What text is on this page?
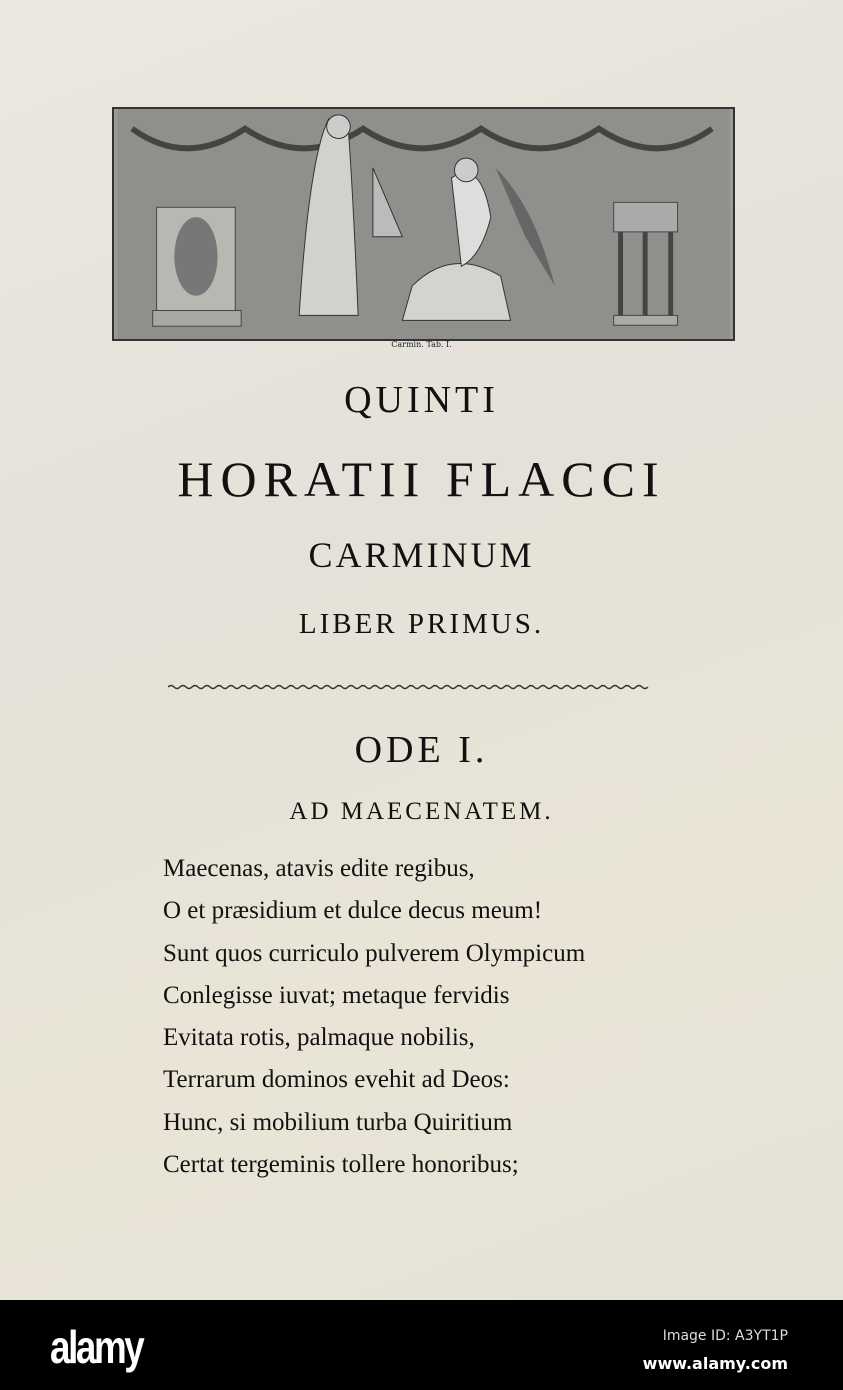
Carmin. Tab. I.
QUINTI
HORATII FLACCI
CARMINUM
LIBER PRIMUS.
ODE I.
AD MAECENATEM.
Maecenas, atavis edite regibus,
O et præsidium et dulce decus meum!
Sunt quos curriculo pulverem Olympicum
Conlegisse iuvat; metaque fervidis
Evitata rotis, palmaque nobilis,
Terrarum dominos evehit ad Deos:
Hunc, si mobilium turba Quiritium
Certat tergeminis tollere honoribus;
alamy	Image ID: A3YT1P
www.alamy.com
